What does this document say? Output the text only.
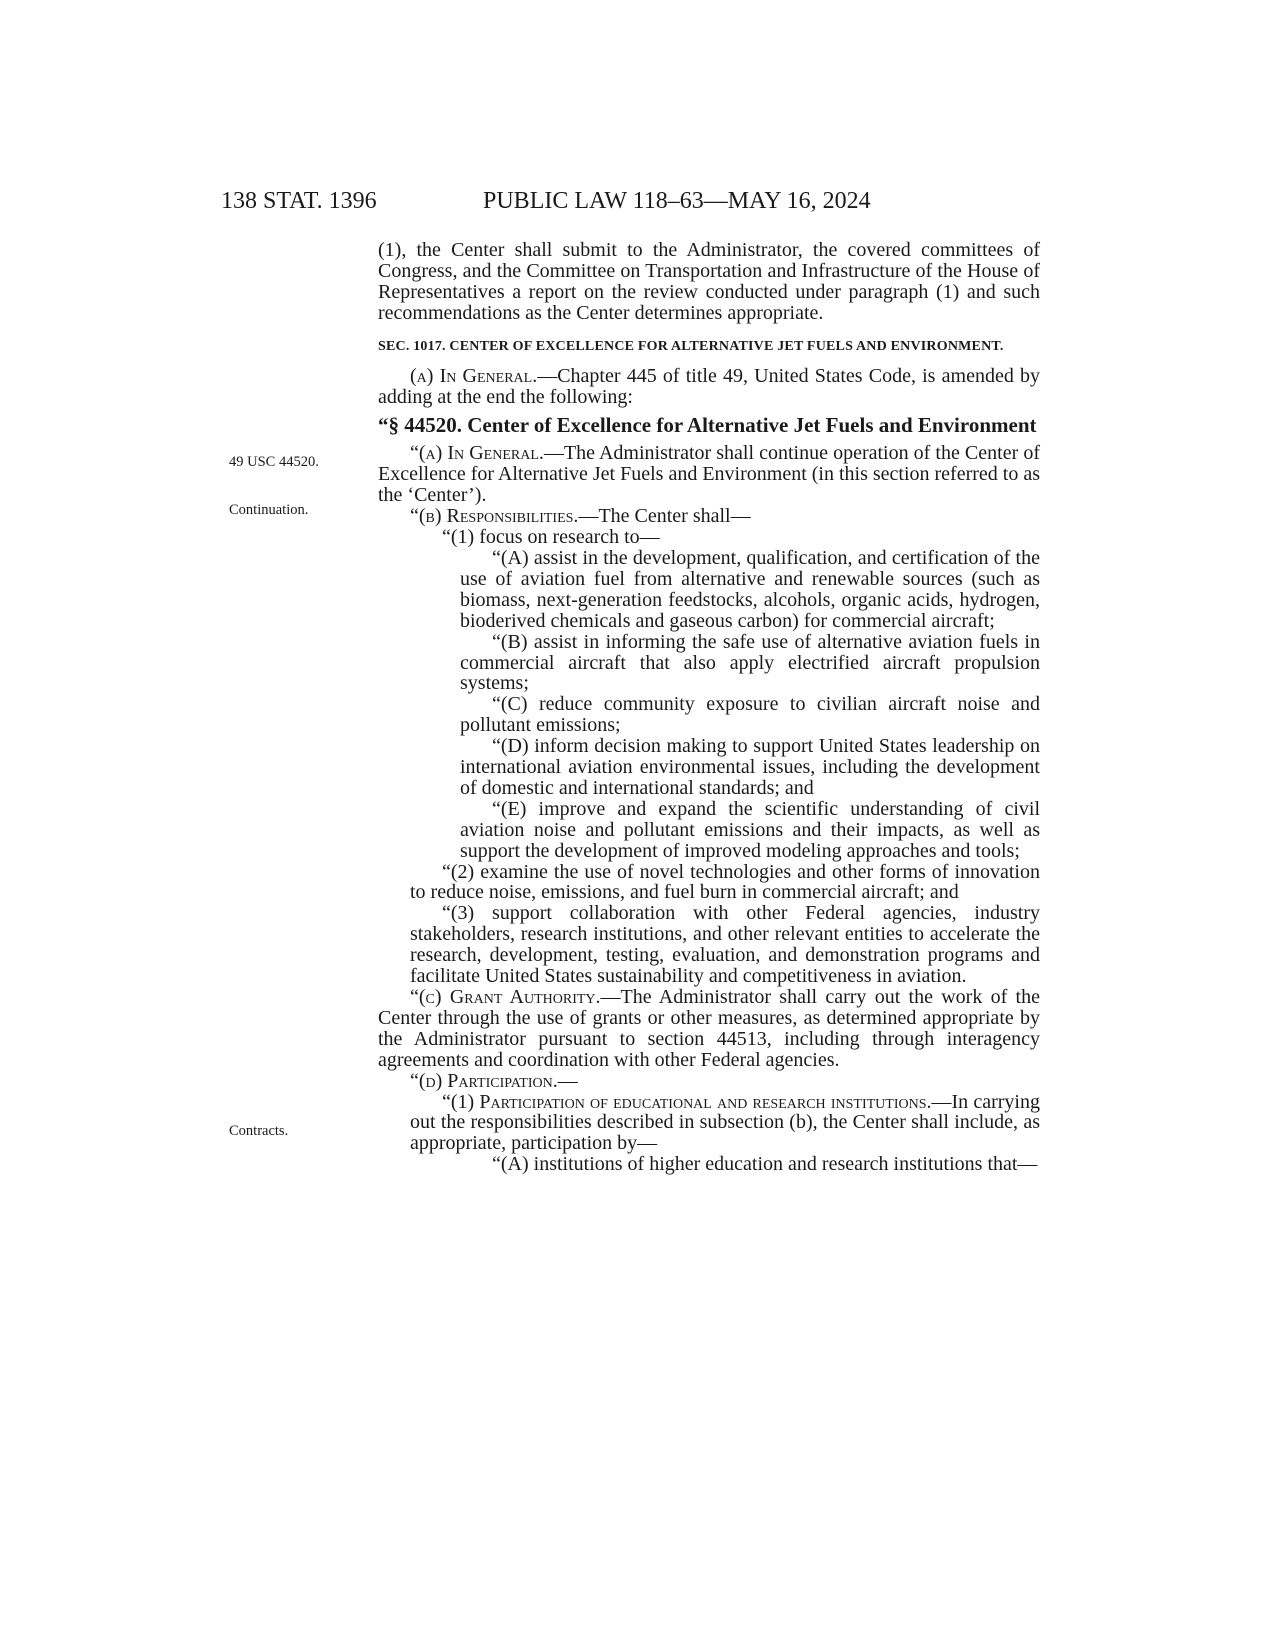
138 STAT. 1396	PUBLIC LAW 118–63—MAY 16, 2024
49 USC 44520.
Continuation.
Contracts.

(1), the Center shall submit to the Administrator, the covered committees of Congress, and the Committee on Transportation and Infrastructure of the House of Representatives a report on the review conducted under paragraph (1) and such recommendations as the Center determines appropriate.

SEC. 1017. CENTER OF EXCELLENCE FOR ALTERNATIVE JET FUELS AND ENVIRONMENT.

(a) In General.—Chapter 445 of title 49, United States Code, is amended by adding at the end the following:

“§ 44520. Center of Excellence for Alternative Jet Fuels and Environment

“(a) In General.—The Administrator shall continue operation of the Center of Excellence for Alternative Jet Fuels and Environment (in this section referred to as the ‘Center’).

“(b) Responsibilities.—The Center shall—

“(1) focus on research to—

“(A) assist in the development, qualification, and certification of the use of aviation fuel from alternative and renewable sources (such as biomass, next-generation feedstocks, alcohols, organic acids, hydrogen, bioderived chemicals and gaseous carbon) for commercial aircraft;

“(B) assist in informing the safe use of alternative aviation fuels in commercial aircraft that also apply electrified aircraft propulsion systems;

“(C) reduce community exposure to civilian aircraft noise and pollutant emissions;

“(D) inform decision making to support United States leadership on international aviation environmental issues, including the development of domestic and international standards; and

“(E) improve and expand the scientific understanding of civil aviation noise and pollutant emissions and their impacts, as well as support the development of improved modeling approaches and tools;

“(2) examine the use of novel technologies and other forms of innovation to reduce noise, emissions, and fuel burn in commercial aircraft; and

“(3) support collaboration with other Federal agencies, industry stakeholders, research institutions, and other relevant entities to accelerate the research, development, testing, evaluation, and demonstration programs and facilitate United States sustainability and competitiveness in aviation.

“(c) Grant Authority.—The Administrator shall carry out the work of the Center through the use of grants or other measures, as determined appropriate by the Administrator pursuant to section 44513, including through interagency agreements and coordination with other Federal agencies.

“(d) Participation.—

“(1) Participation of educational and research institutions.—In carrying out the responsibilities described in subsection (b), the Center shall include, as appropriate, participation by—

“(A) institutions of higher education and research institutions that—
